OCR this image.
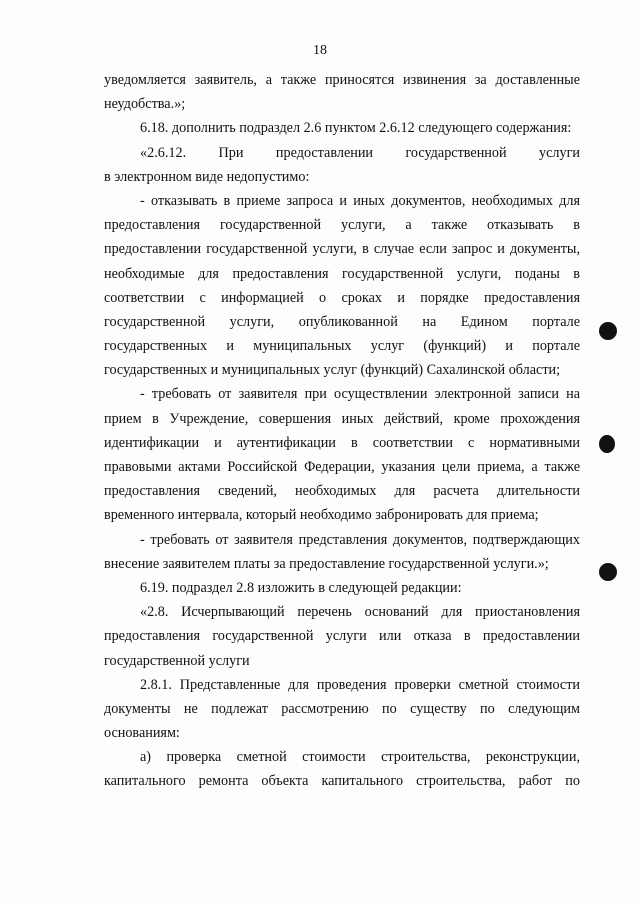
18
уведомляется заявитель, а также приносятся извинения за доставленные
неудобства.»;
6.18. дополнить подраздел 2.6 пунктом 2.6.12 следующего содержания:
«2.6.12. При предоставлении государственной услуги
в электронном виде недопустимо:
- отказывать в приеме запроса и иных документов, необходимых для
предоставления государственной услуги, а также отказывать в
предоставлении государственной услуги, в случае если запрос и документы,
необходимые для предоставления государственной услуги, поданы в
соответствии с информацией о сроках и порядке предоставления
государственной услуги, опубликованной на Едином портале
государственных и муниципальных услуг (функций) и портале
государственных и муниципальных услуг (функций) Сахалинской области;
- требовать от заявителя при осуществлении электронной записи на
прием в Учреждение, совершения иных действий, кроме прохождения
идентификации и аутентификации в соответствии с нормативными
правовыми актами Российской Федерации, указания цели приема, а также
предоставления сведений, необходимых для расчета длительности
временного интервала, который необходимо забронировать для приема;
- требовать от заявителя представления документов, подтверждающих
внесение заявителем платы за предоставление государственной услуги.»;
6.19. подраздел 2.8 изложить в следующей редакции:
«2.8. Исчерпывающий перечень оснований для приостановления
предоставления государственной услуги или отказа в предоставлении
государственной услуги
2.8.1. Представленные для проведения проверки сметной стоимости
документы не подлежат рассмотрению по существу по следующим
основаниям:
а) проверка сметной стоимости строительства, реконструкции,
капитального ремонта объекта капитального строительства, работ по
